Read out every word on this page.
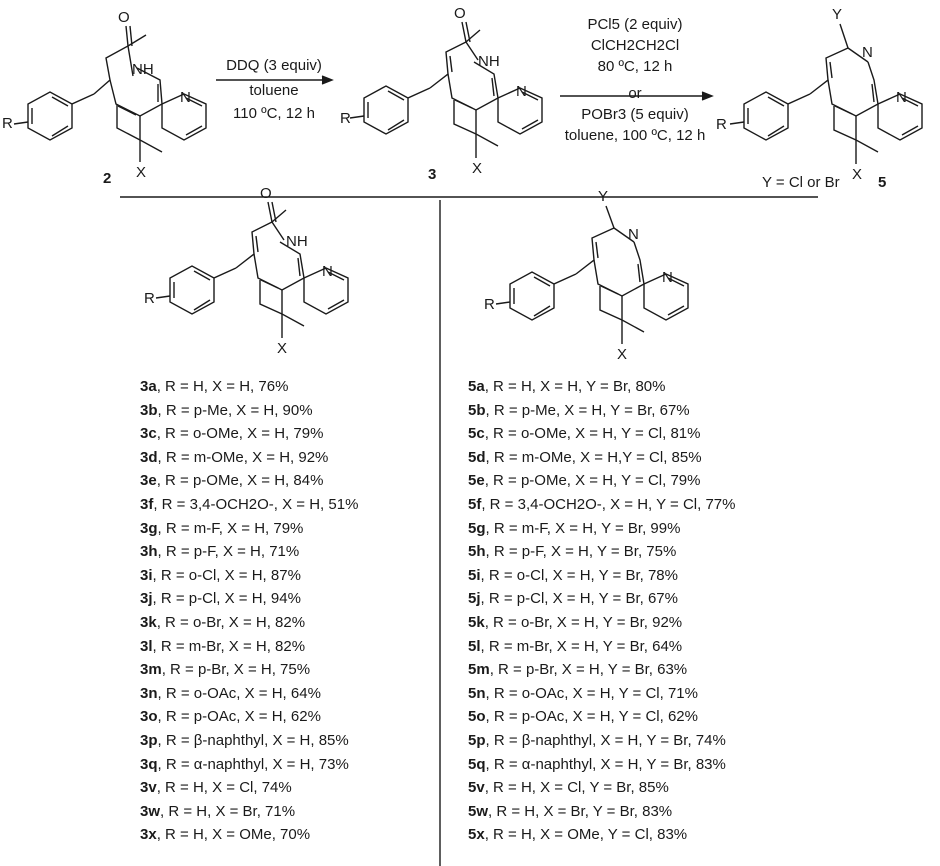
O
NH
N
R
X
2
O
NH
N
R
X
3
Y
N
N
R
X
Y = Cl or Br	5
O
NH
N
R
X
Y
N
N
R
X
DDQ (3 equiv)
toluene
110 ºC, 12 h
PCl5 (2 equiv)
ClCH2CH2Cl
80 ºC, 12 h
or
POBr3 (5 equiv)
toluene, 100 ºC, 12 h
3a, R = H, X = H, 76%
3b, R = p-Me, X = H, 90%
3c, R = o-OMe, X = H, 79%
3d, R = m-OMe, X = H, 92%
3e, R = p-OMe, X = H, 84%
3f, R = 3,4-OCH2O-, X = H, 51%
3g, R = m-F, X = H, 79%
3h, R = p-F, X = H, 71%
3i, R = o-Cl, X = H, 87%
3j, R = p-Cl, X = H, 94%
3k, R = o-Br, X = H, 82%
3l, R = m-Br, X = H, 82%
3m, R = p-Br, X = H, 75%
3n, R = o-OAc, X = H, 64%
3o, R = p-OAc, X = H, 62%
3p, R = β-naphthyl, X = H, 85%
3q, R = α-naphthyl, X = H, 73%
3v, R = H, X = Cl, 74%
3w, R = H, X = Br, 71%
3x, R = H, X = OMe, 70%
5a, R = H, X = H, Y = Br, 80%
5b, R = p-Me, X = H, Y = Br, 67%
5c, R = o-OMe, X = H, Y = Cl, 81%
5d, R = m-OMe, X = H,Y = Cl, 85%
5e, R = p-OMe, X = H, Y = Cl, 79%
5f, R = 3,4-OCH2O-, X = H, Y = Cl, 77%
5g, R = m-F, X = H, Y = Br, 99%
5h, R = p-F, X = H, Y = Br, 75%
5i, R = o-Cl, X = H, Y = Br, 78%
5j, R = p-Cl, X = H, Y = Br, 67%
5k, R = o-Br, X = H, Y = Br, 92%
5l, R = m-Br, X = H, Y = Br, 64%
5m, R = p-Br, X = H, Y = Br, 63%
5n, R = o-OAc, X = H, Y = Cl, 71%
5o, R = p-OAc, X = H, Y = Cl, 62%
5p, R = β-naphthyl, X = H, Y = Br, 74%
5q, R = α-naphthyl, X = H, Y = Br, 83%
5v, R = H, X = Cl, Y = Br, 85%
5w, R = H, X = Br, Y = Br, 83%
5x, R = H, X = OMe, Y = Cl, 83%
